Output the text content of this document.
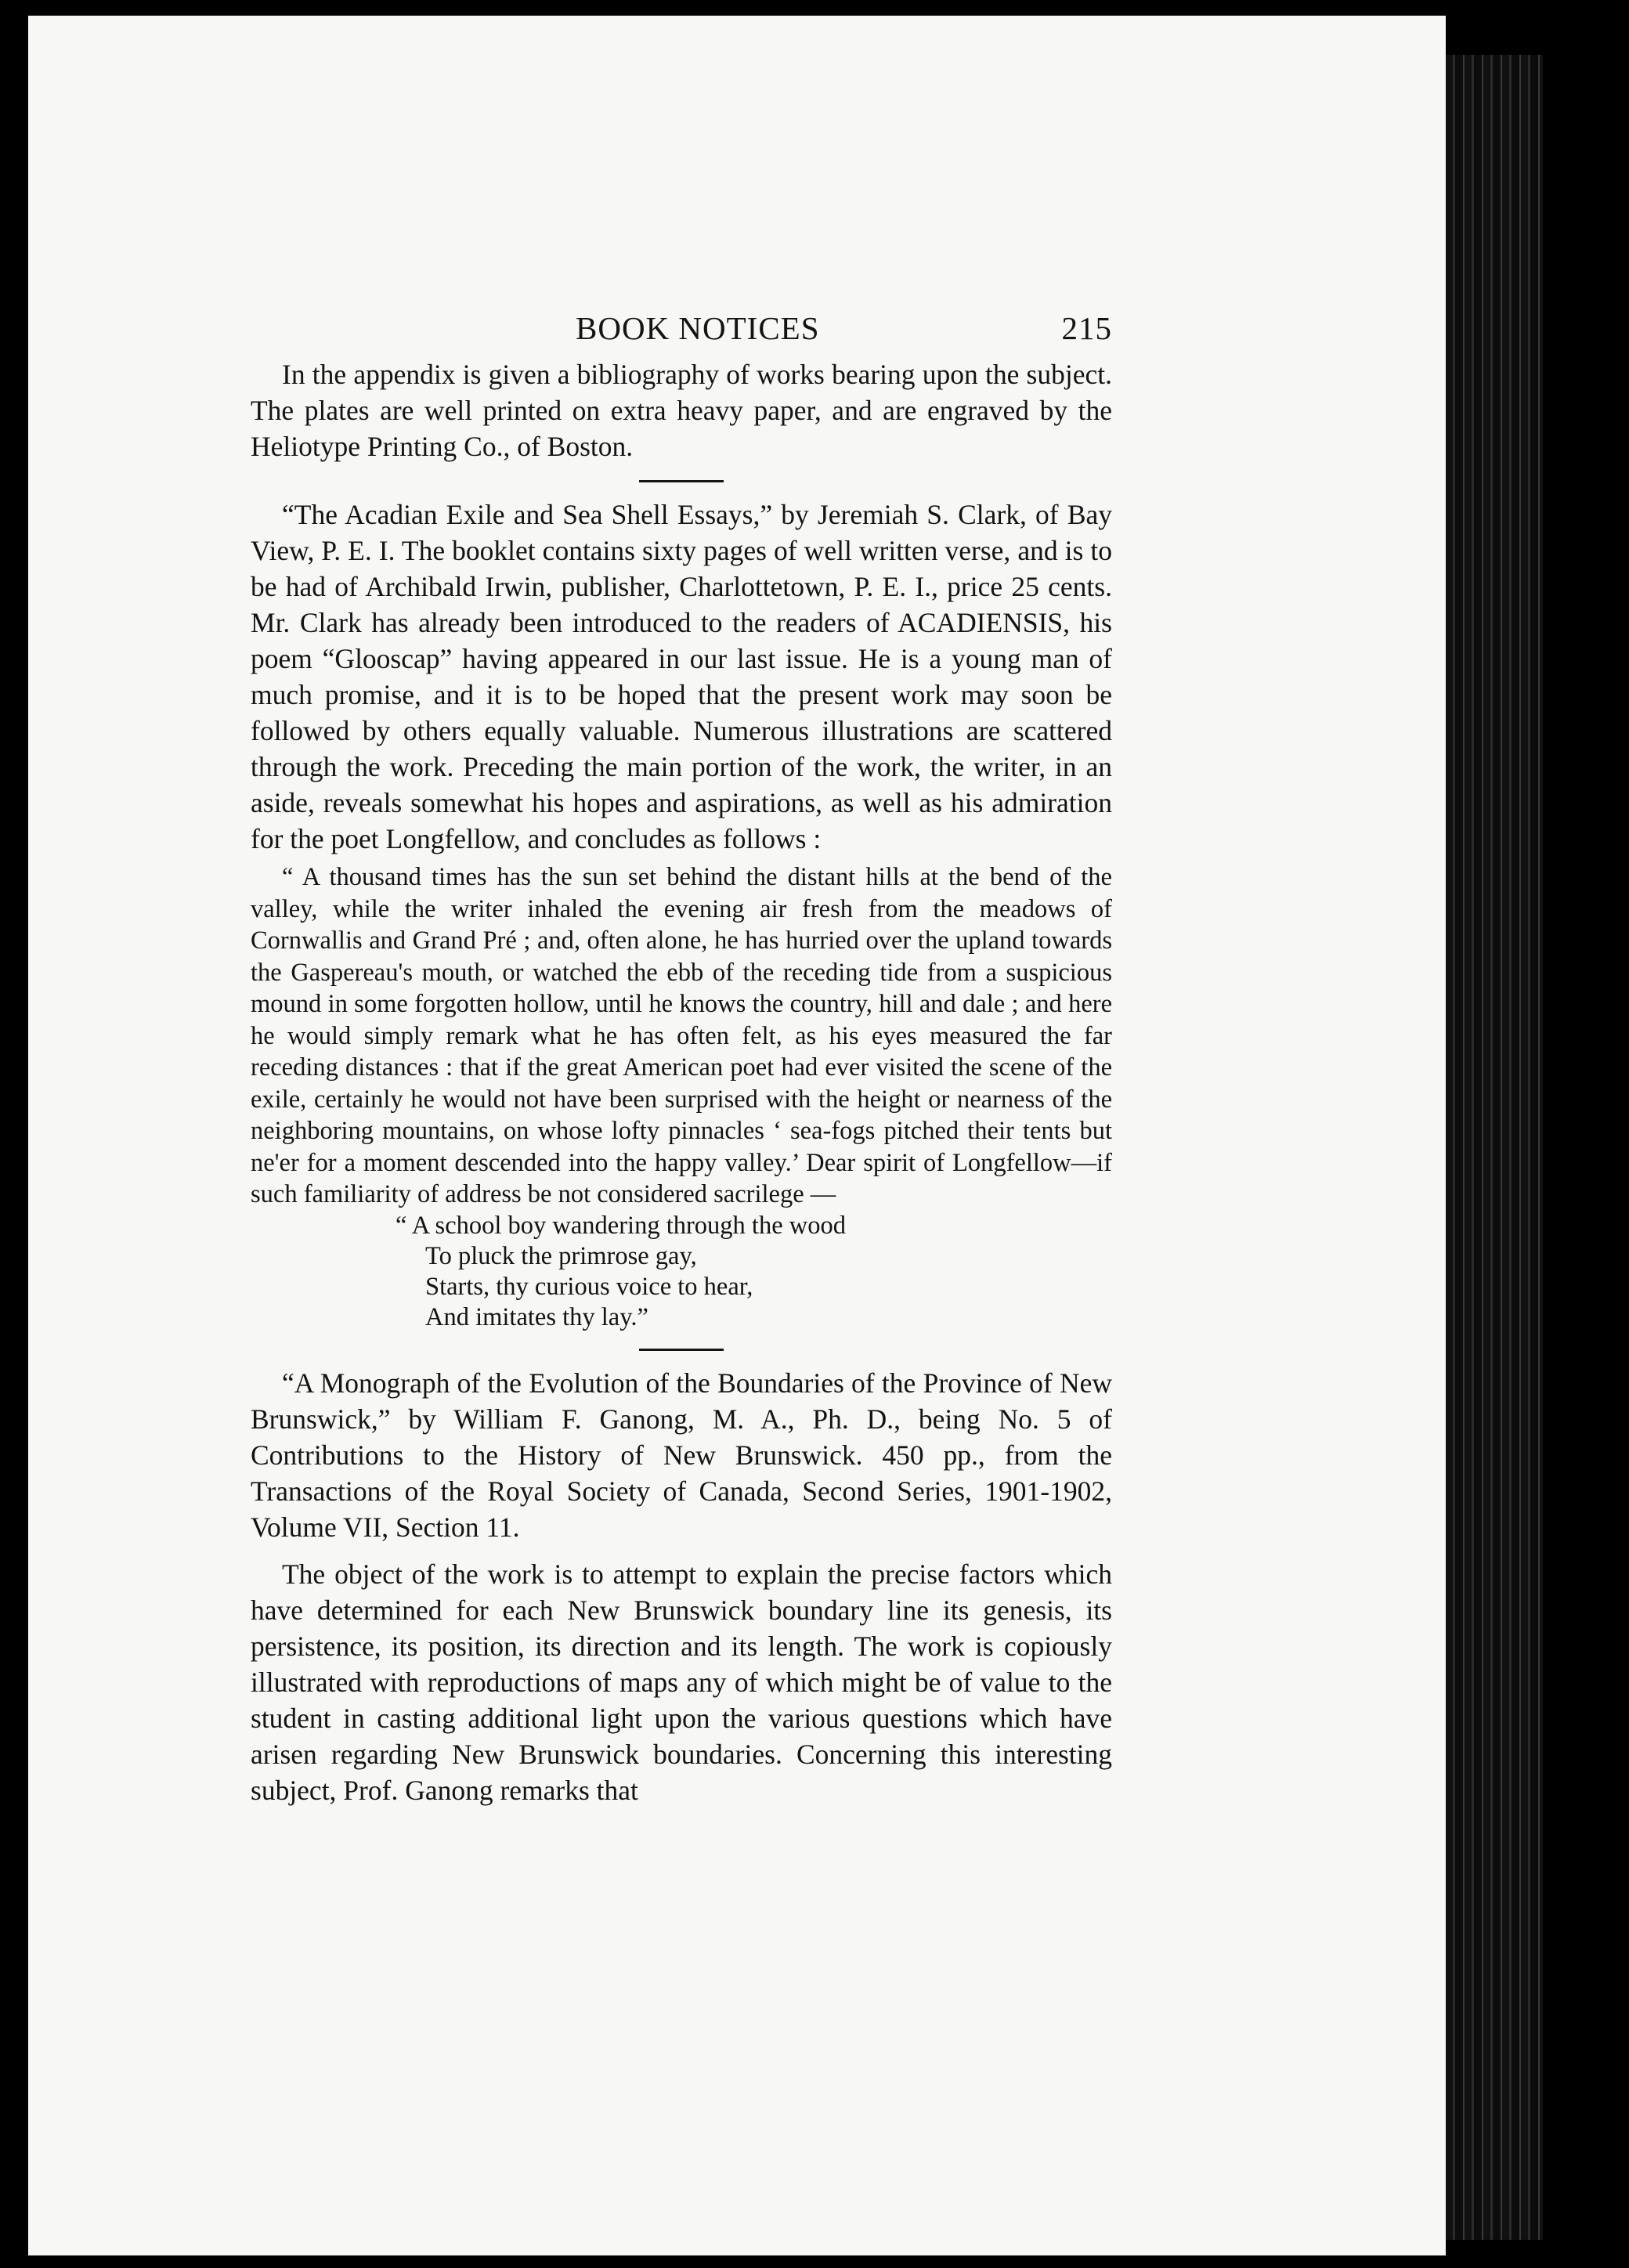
BOOK NOTICES	215

In the appendix is given a bibliography of works bearing upon the subject. The plates are well printed on extra heavy paper, and are engraved by the Heliotype Printing Co., of Boston.

“The Acadian Exile and Sea Shell Essays,” by Jeremiah S. Clark, of Bay View, P. E. I. The booklet contains sixty pages of well written verse, and is to be had of Archibald Irwin, publisher, Charlottetown, P. E. I., price 25 cents. Mr. Clark has already been introduced to the readers of ACADIENSIS, his poem “Glooscap” having appeared in our last issue. He is a young man of much promise, and it is to be hoped that the present work may soon be followed by others equally valuable. Numerous illustrations are scattered through the work. Preceding the main portion of the work, the writer, in an aside, reveals somewhat his hopes and aspirations, as well as his admiration for the poet Longfellow, and concludes as follows :

“ A thousand times has the sun set behind the distant hills at the bend of the valley, while the writer inhaled the evening air fresh from the meadows of Cornwallis and Grand Pré ; and, often alone, he has hurried over the upland towards the Gaspereau's mouth, or watched the ebb of the receding tide from a suspicious mound in some forgotten hollow, until he knows the country, hill and dale ; and here he would simply remark what he has often felt, as his eyes measured the far receding distances : that if the great American poet had ever visited the scene of the exile, certainly he would not have been surprised with the height or nearness of the neighboring mountains, on whose lofty pinnacles ‘ sea-fogs pitched their tents but ne'er for a moment descended into the happy valley.’ Dear spirit of Longfellow—if such familiarity of address be not considered sacrilege —

“ A school boy wandering through the wood
To pluck the primrose gay,
Starts, thy curious voice to hear,
And imitates thy lay.”

“A Monograph of the Evolution of the Boundaries of the Province of New Brunswick,” by William F. Ganong, M. A., Ph. D., being No. 5 of Contributions to the History of New Brunswick. 450 pp., from the Transactions of the Royal Society of Canada, Second Series, 1901-1902, Volume VII, Section 11.

The object of the work is to attempt to explain the precise factors which have determined for each New Brunswick boundary line its genesis, its persistence, its position, its direction and its length. The work is copiously illustrated with reproductions of maps any of which might be of value to the student in casting additional light upon the various questions which have arisen regarding New Brunswick boundaries. Concerning this interesting subject, Prof. Ganong remarks that
